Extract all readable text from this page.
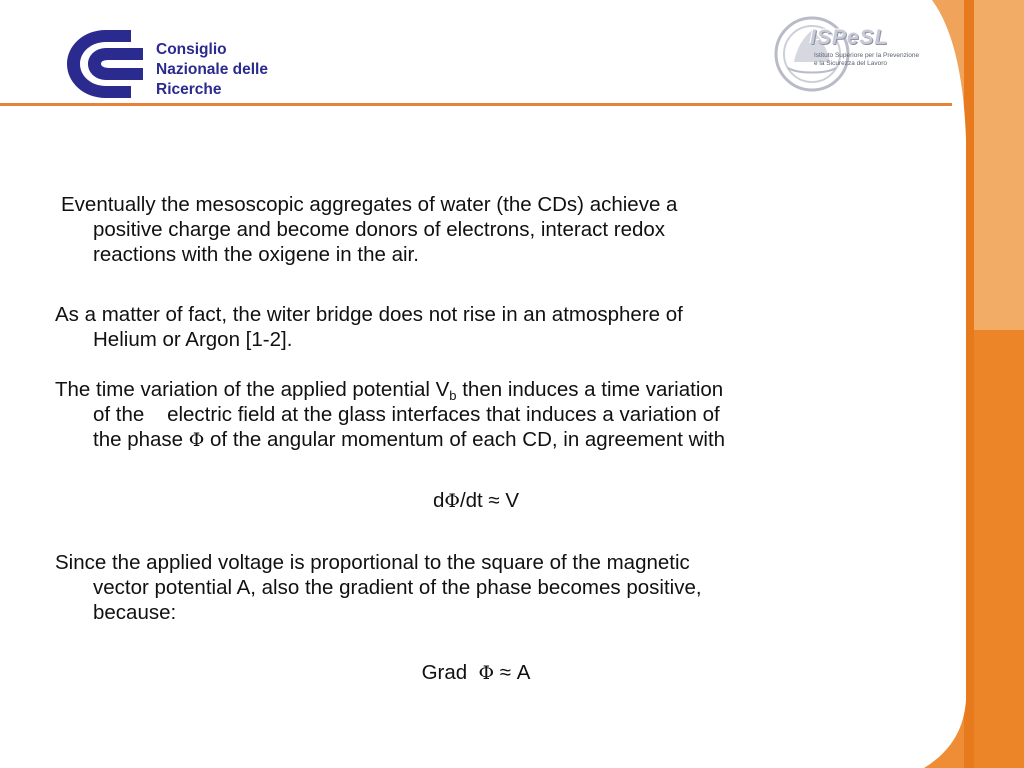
Consiglio
Nazionale delle
Ricerche
ISPeSL
Istituto Superiore per la Prevenzione
e la Sicurezza del Lavoro
Eventually the mesoscopic aggregates of water (the CDs) achieve a
positive charge and become donors of electrons, interact redox
reactions with the oxigene in the air.
As a matter of fact, the witer bridge does not rise in an atmosphere of
Helium or Argon [1-2].
The time variation of the applied potential $V_b$ then induces a time variation
of the    electric field at the glass interfaces that induces a variation of
the phase Φ of the angular momentum of each CD, in agreement with
dΦ/dt ≈ V
Since the applied voltage is proportional to the square of the magnetic
vector potential A, also the gradient of the phase becomes positive,
because:
Grad  Φ ≈ A
